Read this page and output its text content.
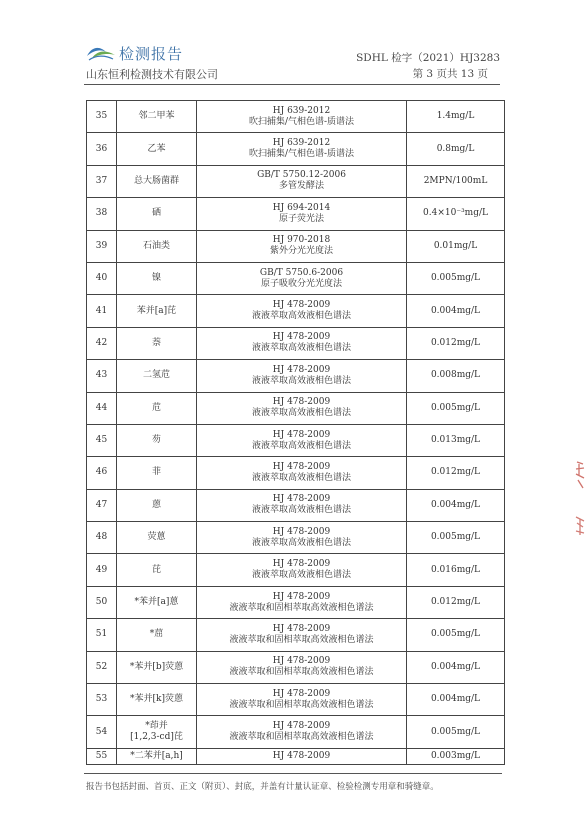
检测报告
山东恒利检测技术有限公司
SDHL 检字（2021）HJ3283
第 3 页共 13 页
35	邻二甲苯	HJ 639-2012
吹扫捕集/气相色谱-质谱法	1.4mg/L
36	乙苯	HJ 639-2012
吹扫捕集/气相色谱-质谱法	0.8mg/L
37	总大肠菌群	GB/T 5750.12-2006
多管发酵法	2MPN/100mL
38	硒	HJ 694-2014
原子荧光法	0.4×10⁻³mg/L
39	石油类	HJ 970-2018
紫外分光光度法	0.01mg/L
40	镍	GB/T 5750.6-2006
原子吸收分光光度法	0.005mg/L
41	苯并[a]芘	HJ 478-2009
液液萃取高效液相色谱法	0.004mg/L
42	萘	HJ 478-2009
液液萃取高效液相色谱法	0.012mg/L
43	二氢苊	HJ 478-2009
液液萃取高效液相色谱法	0.008mg/L
44	苊	HJ 478-2009
液液萃取高效液相色谱法	0.005mg/L
45	芴	HJ 478-2009
液液萃取高效液相色谱法	0.013mg/L
46	菲	HJ 478-2009
液液萃取高效液相色谱法	0.012mg/L
47	蒽	HJ 478-2009
液液萃取高效液相色谱法	0.004mg/L
48	荧蒽	HJ 478-2009
液液萃取高效液相色谱法	0.005mg/L
49	芘	HJ 478-2009
液液萃取高效液相色谱法	0.016mg/L
50	*苯并[a]蒽	HJ 478-2009
液液萃取和固相萃取高效液相色谱法	0.012mg/L
51	*䓛	HJ 478-2009
液液萃取和固相萃取高效液相色谱法	0.005mg/L
52	*苯并[b]荧蒽	HJ 478-2009
液液萃取和固相萃取高效液相色谱法	0.004mg/L
53	*苯并[k]荧蒽	HJ 478-2009
液液萃取和固相萃取高效液相色谱法	0.004mg/L
54	*茚并
[1,2,3-cd]芘	HJ 478-2009
液液萃取和固相萃取高效液相色谱法	0.005mg/L
55	*二苯并[a,h]	HJ 478-2009	0.003mg/L
报告书包括封面、首页、正文（附页）、封底，并盖有计量认证章、检验检测专用章和骑缝章。
